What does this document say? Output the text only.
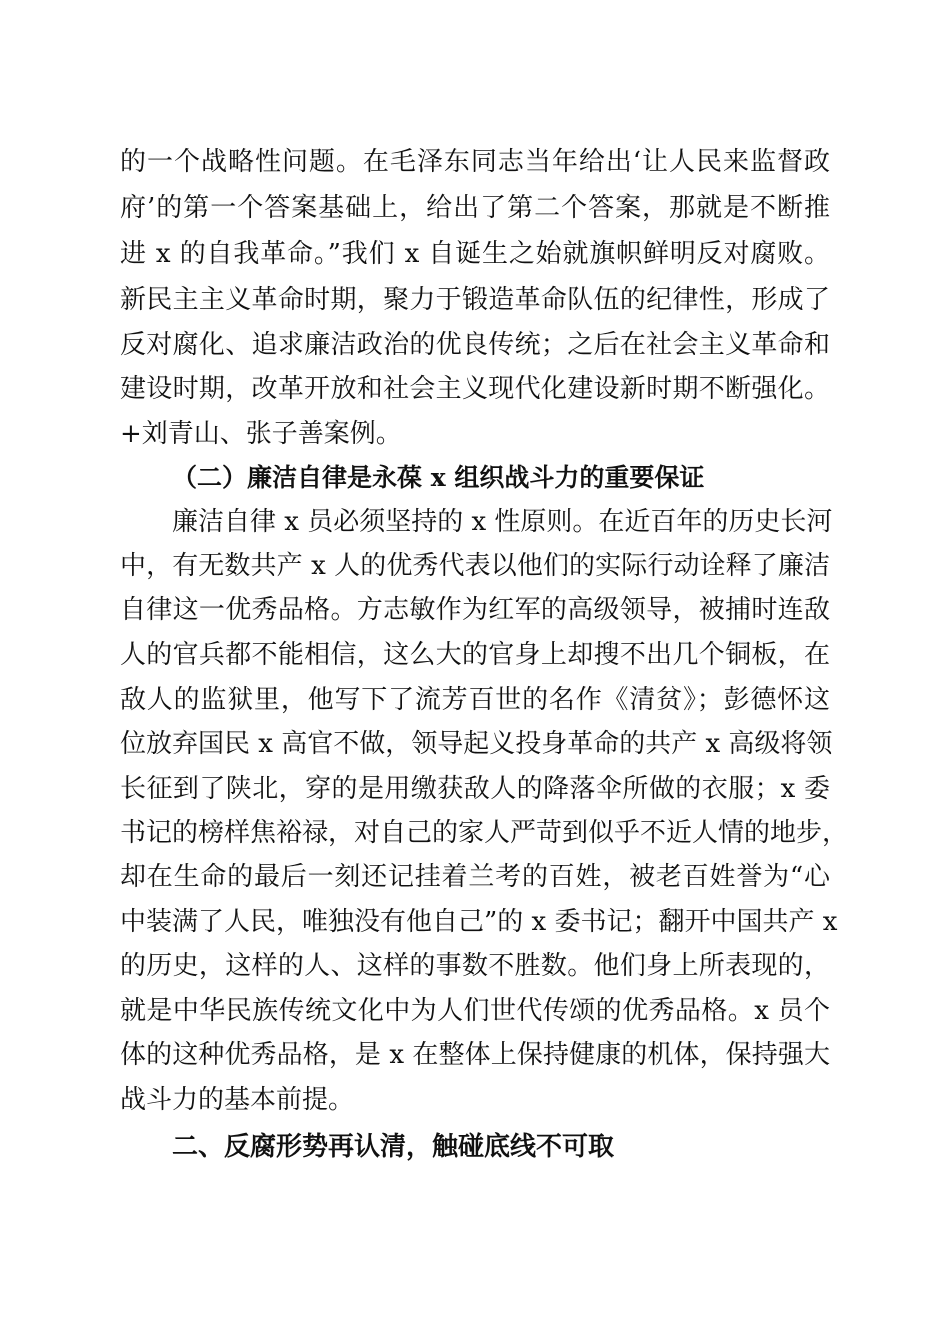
的一个战略性问题。在毛泽东同志当年给出‘让人民来监督政
府’的第一个答案基础上，给出了第二个答案，那就是不断推
进 x 的自我革命。”我们 x 自诞生之始就旗帜鲜明反对腐败。
新民主主义革命时期，聚力于锻造革命队伍的纪律性，形成了
反对腐化、追求廉洁政治的优良传统；之后在社会主义革命和
建设时期，改革开放和社会主义现代化建设新时期不断强化。
+刘青山、张子善案例。
（二）廉洁自律是永葆 x 组织战斗力的重要保证
廉洁自律 x 员必须坚持的 x 性原则。在近百年的历史长河
中，有无数共产 x 人的优秀代表以他们的实际行动诠释了廉洁
自律这一优秀品格。方志敏作为红军的高级领导，被捕时连敌
人的官兵都不能相信，这么大的官身上却搜不出几个铜板，在
敌人的监狱里，他写下了流芳百世的名作《清贫》；彭德怀这
位放弃国民 x 高官不做，领导起义投身革命的共产 x 高级将领
长征到了陕北，穿的是用缴获敌人的降落伞所做的衣服；x 委
书记的榜样焦裕禄，对自己的家人严苛到似乎不近人情的地步，
却在生命的最后一刻还记挂着兰考的百姓，被老百姓誉为“心
中装满了人民，唯独没有他自己”的 x 委书记；翻开中国共产 x
的历史，这样的人、这样的事数不胜数。他们身上所表现的，
就是中华民族传统文化中为人们世代传颂的优秀品格。x 员个
体的这种优秀品格，是 x 在整体上保持健康的机体，保持强大
战斗力的基本前提。
二、反腐形势再认清，触碰底线不可取
